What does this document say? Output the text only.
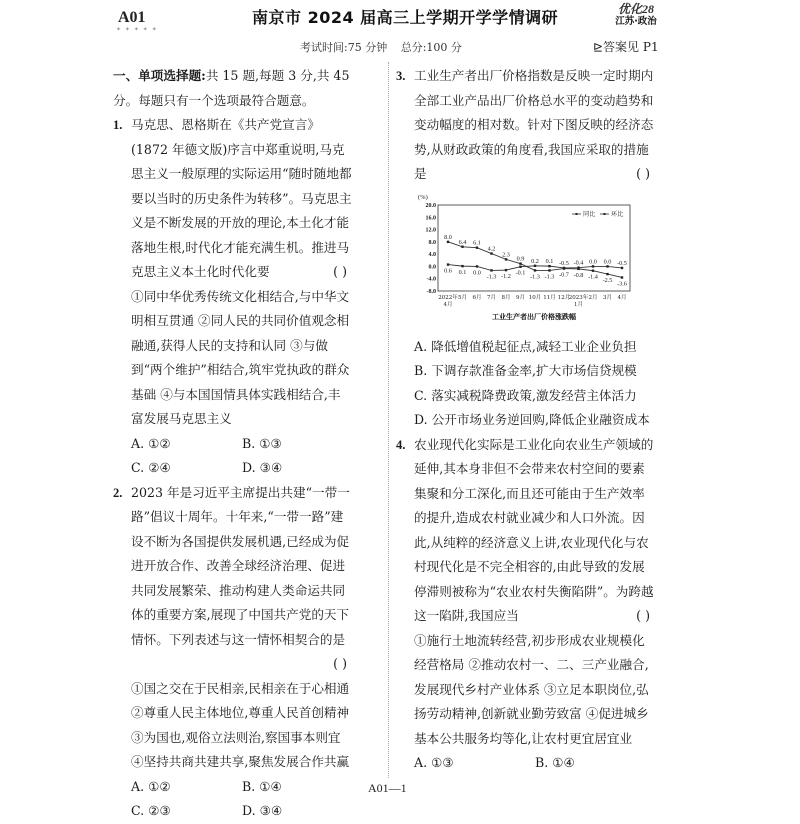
A01
✦ ✦ ✦ ✦ ✦
南京市 2024 届高三上学期开学学情调研	优化28
江苏·政治
考试时间:75 分钟 总分:100 分	⊵答案见 P1
一、单项选择题:共 15 题,每题 3 分,共 45 分。每题只有一个选项最符合题意。
1. 马克思、恩格斯在《共产党宣言》(1872 年德文版)序言中郑重说明,马克思主义一般原理的实际运用“随时随地都要以当时的历史条件为转移”。马克思主义是不断发展的开放的理论,本土化才能落地生根,时代化才能充满生机。推进马克思主义本土化时代化要	( )
①同中华优秀传统文化相结合,与中华文明相互贯通 ②同人民的共同价值观念相融通,获得人民的支持和认同 ③与做到“两个维护”相结合,筑牢党执政的群众基础 ④与本国国情具体实践相结合,丰富发展马克思主义
A. ①②	B. ①③
C. ②④	D. ③④
2. 2023 年是习近平主席提出共建“一带一路”倡议十周年。十年来,“一带一路”建设不断为各国提供发展机遇,已经成为促进开放合作、改善全球经济治理、促进共同发展繁荣、推动构建人类命运共同体的重要方案,展现了中国共产党的天下情怀。下列表述与这一情怀相契合的是
( )
①国之交在于民相亲,民相亲在于心相通
②尊重人民主体地位,尊重人民首创精神
③为国也,观俗立法则治,察国事本则宜
④坚持共商共建共享,聚焦发展合作共赢
A. ①②	B. ①④
C. ②③	D. ③④
3. 工业生产者出厂价格指数是反映一定时期内全部工业产品出厂价格总水平的变动趋势和变动幅度的相对数。针对下图反映的经济态势,从财政政策的角度看,我国应采取的措施是	( )
(%)
20.0
16.0
12.0
8.0
4.0
0.0
-4.0
-8.0
2022年
4月
5月 6月 7月 8月 9月 10月 11月 12月
2023年
1月
2月 3月 4月
8.0
6.4 6.1
4.2
2.3
0.9
-1.3 -1.3 -0.7 -0.8 -1.4 -2.5 -3.6
0.6 0.1 0.0
-1.3 -1.2 -0.1
0.2 0.1 -0.5 -0.4 0.0 0.0 -0.5
同比	环比
工业生产者出厂价格涨跌幅
A. 降低增值税起征点,减轻工业企业负担
B. 下调存款准备金率,扩大市场信贷规模
C. 落实减税降费政策,激发经营主体活力
D. 公开市场业务逆回购,降低企业融资成本
4. 农业现代化实际是工业化向农业生产领域的延伸,其本身非但不会带来农村空间的要素集聚和分工深化,而且还可能由于生产效率的提升,造成农村就业减少和人口外流。因此,从纯粹的经济意义上讲,农业现代化与农村现代化是不完全相容的,由此导致的发展停滞则被称为“农业农村失衡陷阱”。为跨越这一陷阱,我国应当	( )
①施行土地流转经营,初步形成农业规模化经营格局 ②推动农村一、二、三产业融合,发展现代乡村产业体系 ③立足本职岗位,弘扬劳动精神,创新就业勤劳致富 ④促进城乡基本公共服务均等化,让农村更宜居宜业
A. ①③	B. ①④
A01—1
